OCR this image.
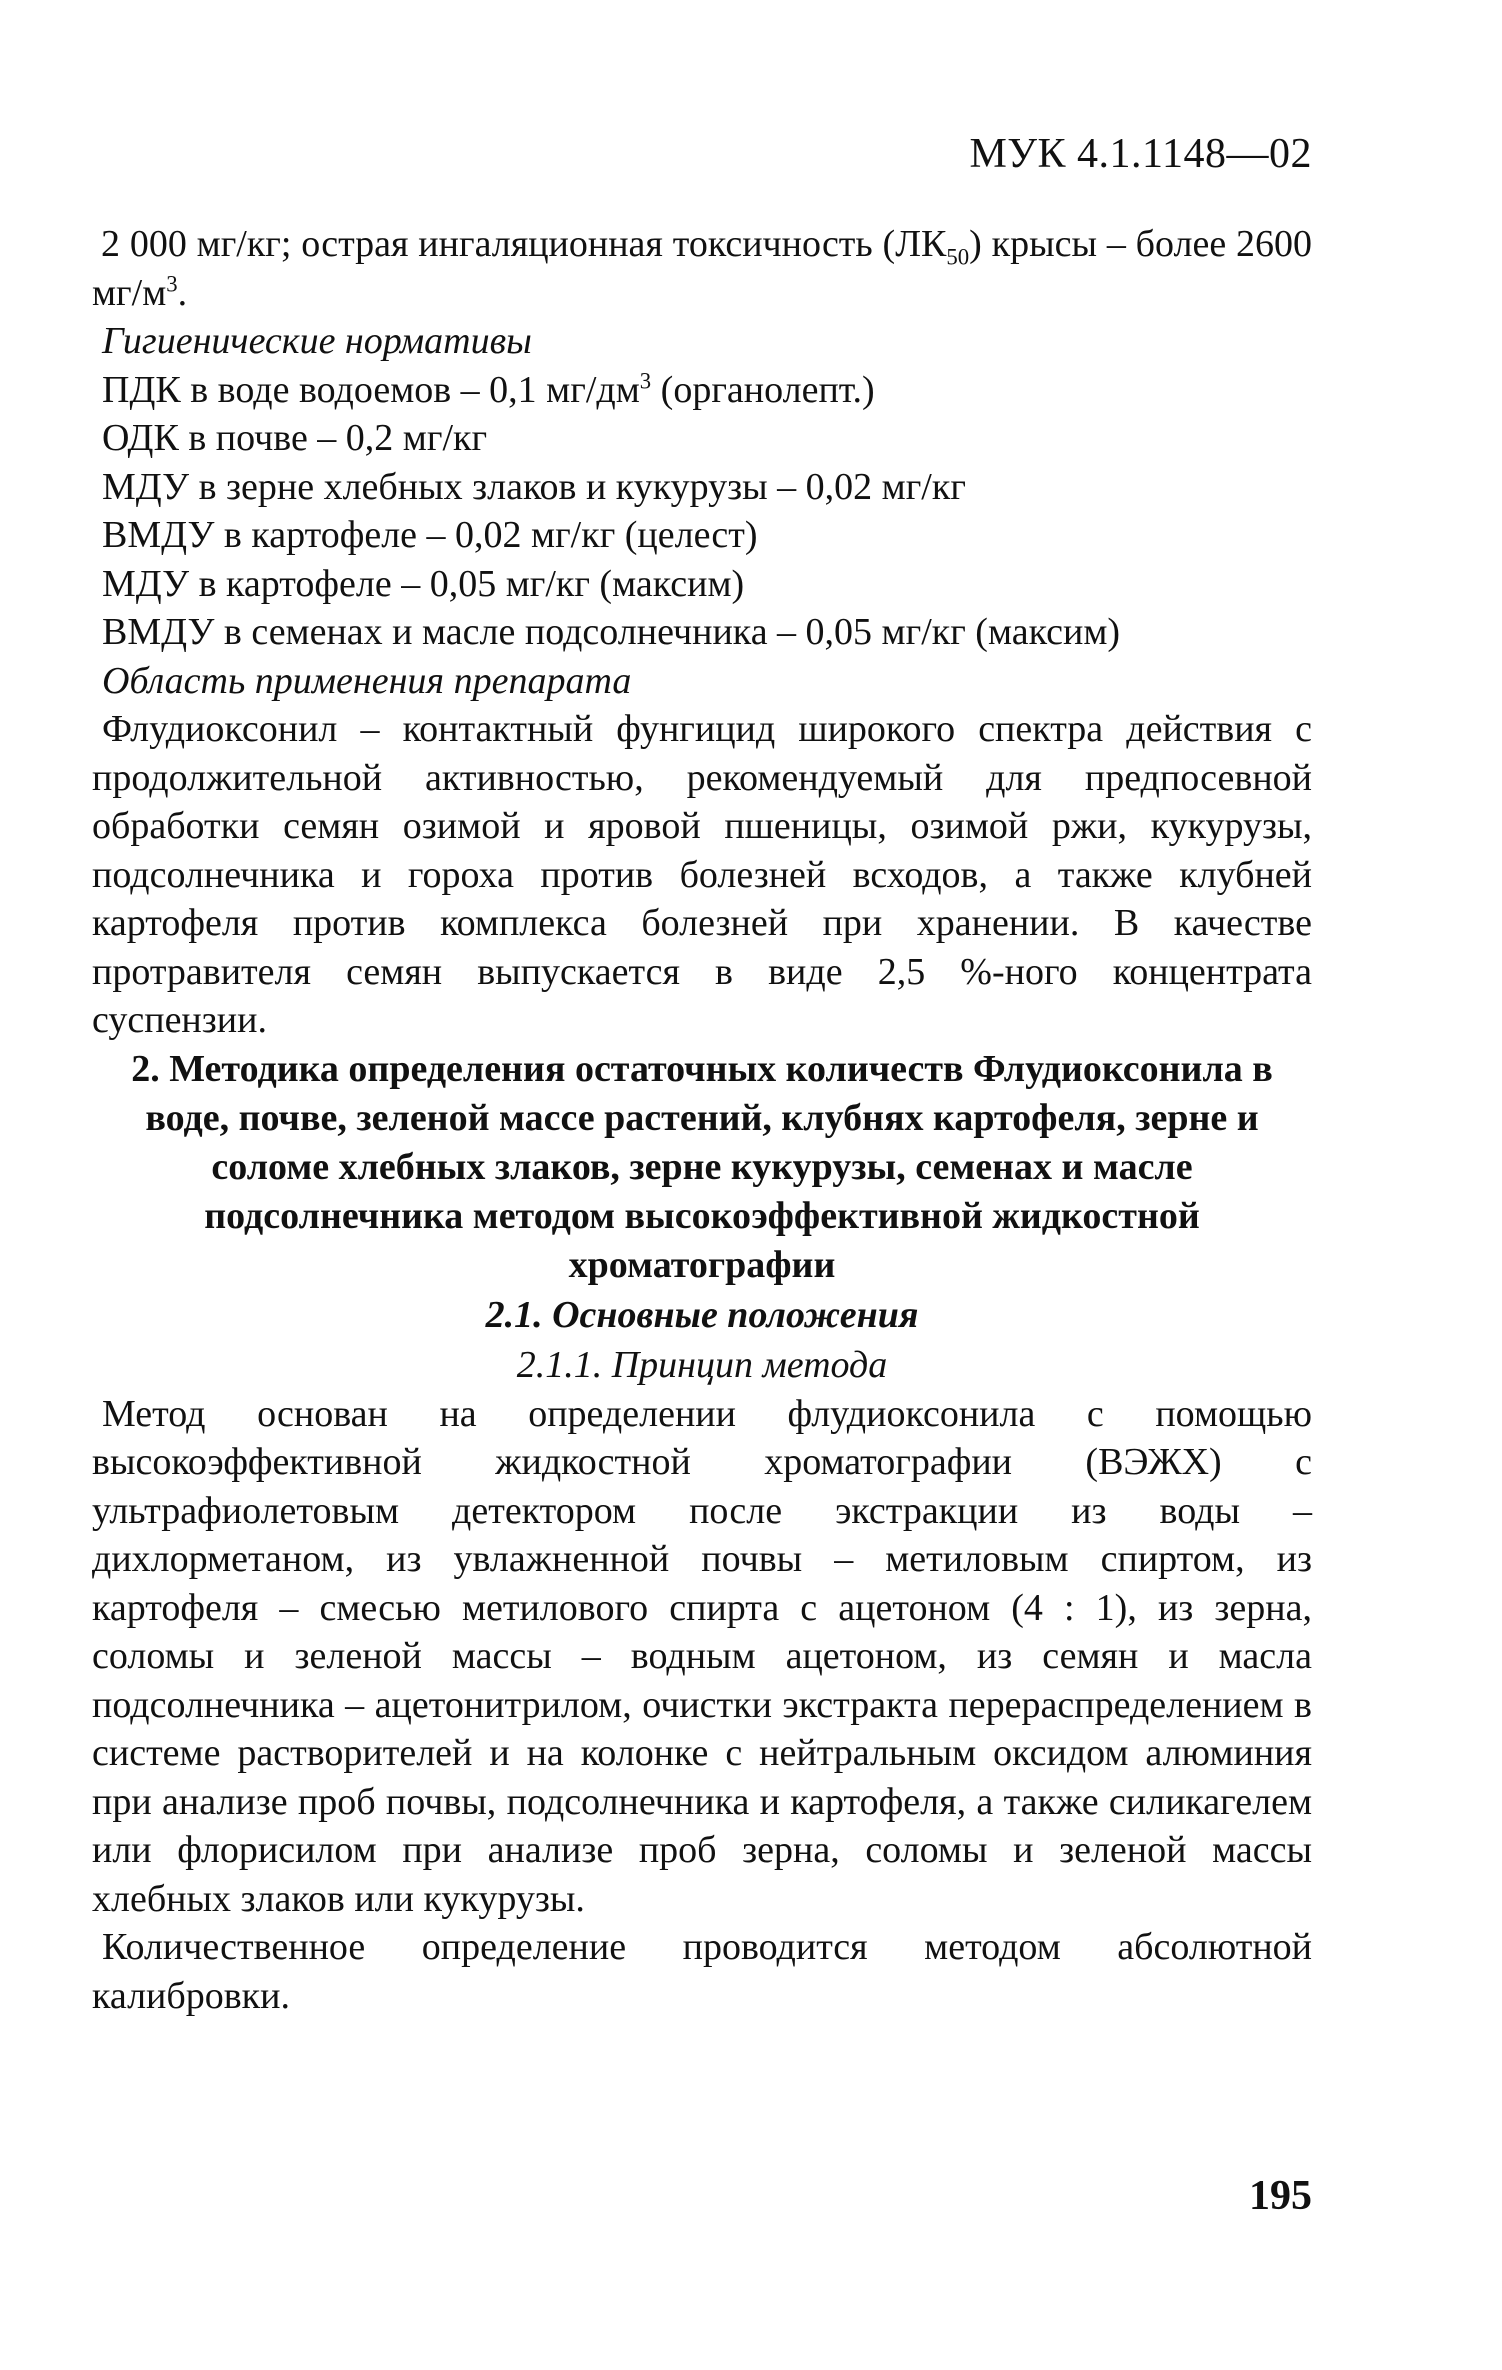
МУК 4.1.1148—02

2 000 мг/кг; острая ингаляционная токсичность $(ЛК_{50})$ крысы – более 2600 $мг/м^3$.

Гигиенические нормативы

ПДК в воде водоемов – 0,1 $мг/дм^3$ (органолепт.)

ОДК в почве – 0,2 мг/кг

МДУ в зерне хлебных злаков и кукурузы – 0,02 мг/кг

ВМДУ в картофеле – 0,02 мг/кг (целест)

МДУ в картофеле – 0,05 мг/кг (максим)

ВМДУ в семенах и масле подсолнечника – 0,05 мг/кг (максим)

Область применения препарата

Флудиоксонил – контактный фунгицид широкого спектра действия с продолжительной активностью, рекомендуемый для предпосевной обработки семян озимой и яровой пшеницы, озимой ржи, кукурузы, подсолнечника и гороха против болезней всходов, а также клубней картофеля против комплекса болезней при хранении. В качестве протравителя семян выпускается в виде 2,5 %-ного концентрата суспензии.

2. Методика определения остаточных количеств Флудиоксонила в воде, почве, зеленой массе растений, клубнях картофеля, зерне и соломе хлебных злаков, зерне кукурузы, семенах и масле подсолнечника методом высокоэффективной жидкостной хроматографии

2.1. Основные положения

2.1.1. Принцип метода

Метод основан на определении флудиоксонила с помощью высокоэффективной жидкостной хроматографии (ВЭЖХ) с ультрафиолетовым детектором после экстракции из воды – дихлорметаном, из увлажненной почвы – метиловым спиртом, из картофеля – смесью метилового спирта с ацетоном (4 : 1), из зерна, соломы и зеленой массы – водным ацетоном, из семян и масла подсолнечника – ацетонитрилом, очистки экстракта перераспределением в системе растворителей и на колонке с нейтральным оксидом алюминия при анализе проб почвы, подсолнечника и картофеля, а также силикагелем или флорисилом при анализе проб зерна, соломы и зеленой массы хлебных злаков или кукурузы.

Количественное определение проводится методом абсолютной калибровки.

195
